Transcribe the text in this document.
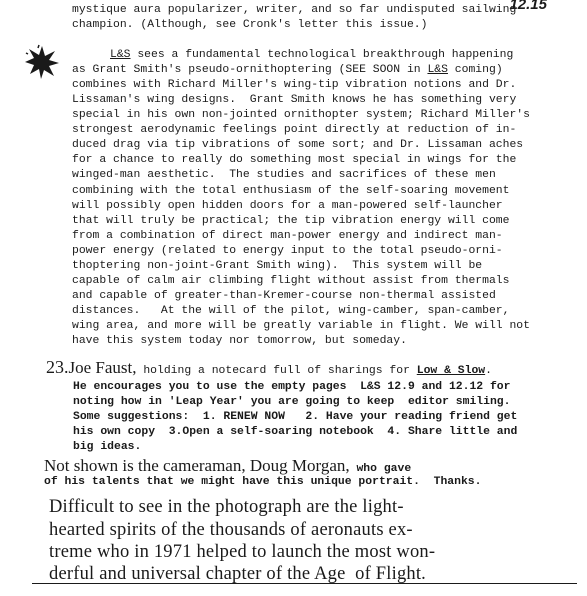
12.15
mystique aura popularizer, writer, and so far undisputed sailwing
champion. (Although, see Cronk's letter this issue.)
L&S sees a fundamental technological breakthrough happening
as Grant Smith's pseudo-ornithoptering (SEE SOON in L&S coming)
combines with Richard Miller's wing-tip vibration notions and Dr.
Lissaman's wing designs.  Grant Smith knows he has something very
special in his own non-jointed ornithopter system; Richard Miller's
strongest aerodynamic feelings point directly at reduction of in-
duced drag via tip vibrations of some sort; and Dr. Lissaman aches
for a chance to really do something most special in wings for the
winged-man aesthetic.  The studies and sacrifices of these men
combining with the total enthusiasm of the self-soaring movement
will possibly open hidden doors for a man-powered self-launcher
that will truly be practical; the tip vibration energy will come
from a combination of direct man-power energy and indirect man-
power energy (related to energy input to the total pseudo-orni-
thoptering non-joint-Grant Smith wing).  This system will be
capable of calm air climbing flight without assist from thermals
and capable of greater-than-Kremer-course non-thermal assisted
distances.   At the will of the pilot, wing-camber, span-camber,
wing area, and more will be greatly variable in flight. We will not
have this system today nor tomorrow, but someday.
23.Joe Faust, holding a notecard full of sharings for Low & Slow.
He encourages you to use the empty pages  L&S 12.9 and 12.12 for
noting how in 'Leap Year' you are going to keep  editor smiling.
Some suggestions:  1. RENEW NOW   2. Have your reading friend get
his own copy  3.Open a self-soaring notebook  4. Share little and
big ideas.
Not shown is the cameraman, Doug Morgan, who gave
of his talents that we might have this unique portrait.  Thanks.
Difficult to see in the photograph are the light-
hearted spirits of the thousands of aeronauts ex-
treme who in 1971 helped to launch the most won-
derful and universal chapter of the Age  of Flight.
